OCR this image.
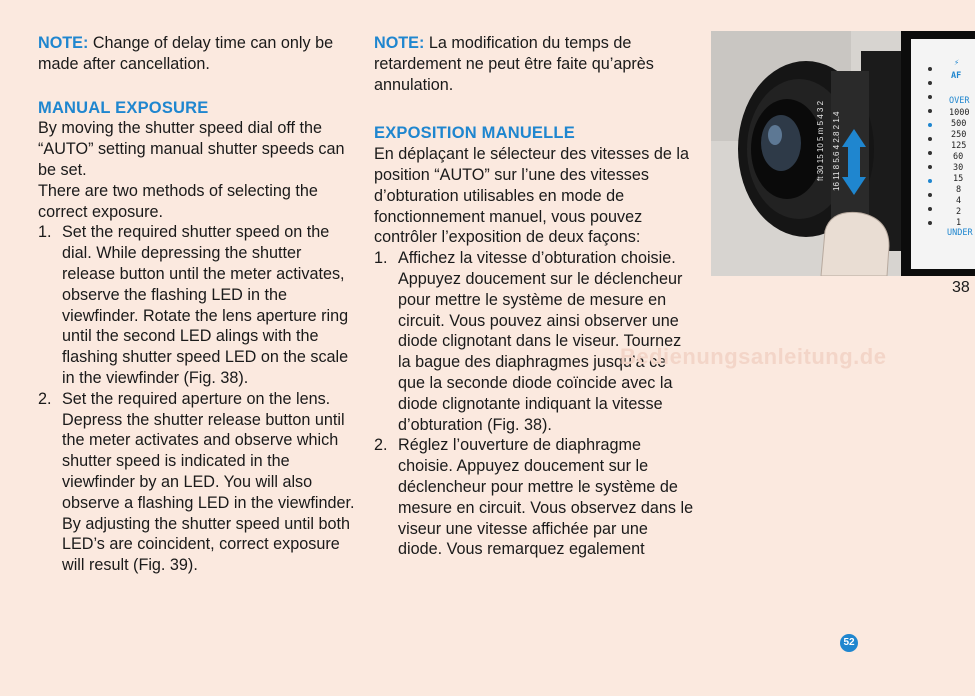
NOTE: Change of delay time can only be made after cancellation.

MANUAL EXPOSURE

By moving the shutter speed dial off the “AUTO” setting manual shutter speeds can be set.

There are two methods of selecting the correct exposure.

1. Set the required shutter speed on the dial. While depressing the shutter release button until the meter activates, observe the flashing LED in the viewfinder. Rotate the lens aperture ring until the second LED alings with the flashing shutter speed LED on the scale in the viewfinder (Fig. 38).
2. Set the required aperture on the lens. Depress the shutter release button until the meter activates and observe which shutter speed is indicated in the viewfinder by an LED. You will also observe a flashing LED in the viewfinder. By adjusting the shutter speed until both LED’s are coincident, correct exposure will result (Fig. 39).

NOTE: La modification du temps de retardement ne peut être faite qu’après annulation.

EXPOSITION MANUELLE

En déplaçant le sélecteur des vitesses de la position “AUTO” sur l’une des vitesses d’obturation utilisables en mode de fonctionnement manuel, vous pouvez contrôler l’exposition de deux façons:

1. Affichez la vitesse d’obturation choisie. Appuyez doucement sur le déclencheur pour mettre le système de mesure en circuit. Vous pouvez ainsi observer une diode clignotant dans le viseur. Tournez la bague des diaphragmes jusqu’à ce que la seconde diode coïncide avec la diode clignotante indiquant la vitesse d’obturation (Fig. 38).
2. Réglez l’ouverture de diaphragme choisie. Appuyez doucement sur le déclencheur pour mettre le système de mesure en circuit. Vous observez dans le viseur une vitesse affichée par une diode. Vous remarquez egalement
16 11 8 5.6 4 2.8 2 1.4
ft 30 15 10 5 m 5 4 3 2
⚡
AF
OVER
1000
500
250
125
60
30
15
8
4
2
1
UNDER
38
Bedienungsanleitung.de
52
